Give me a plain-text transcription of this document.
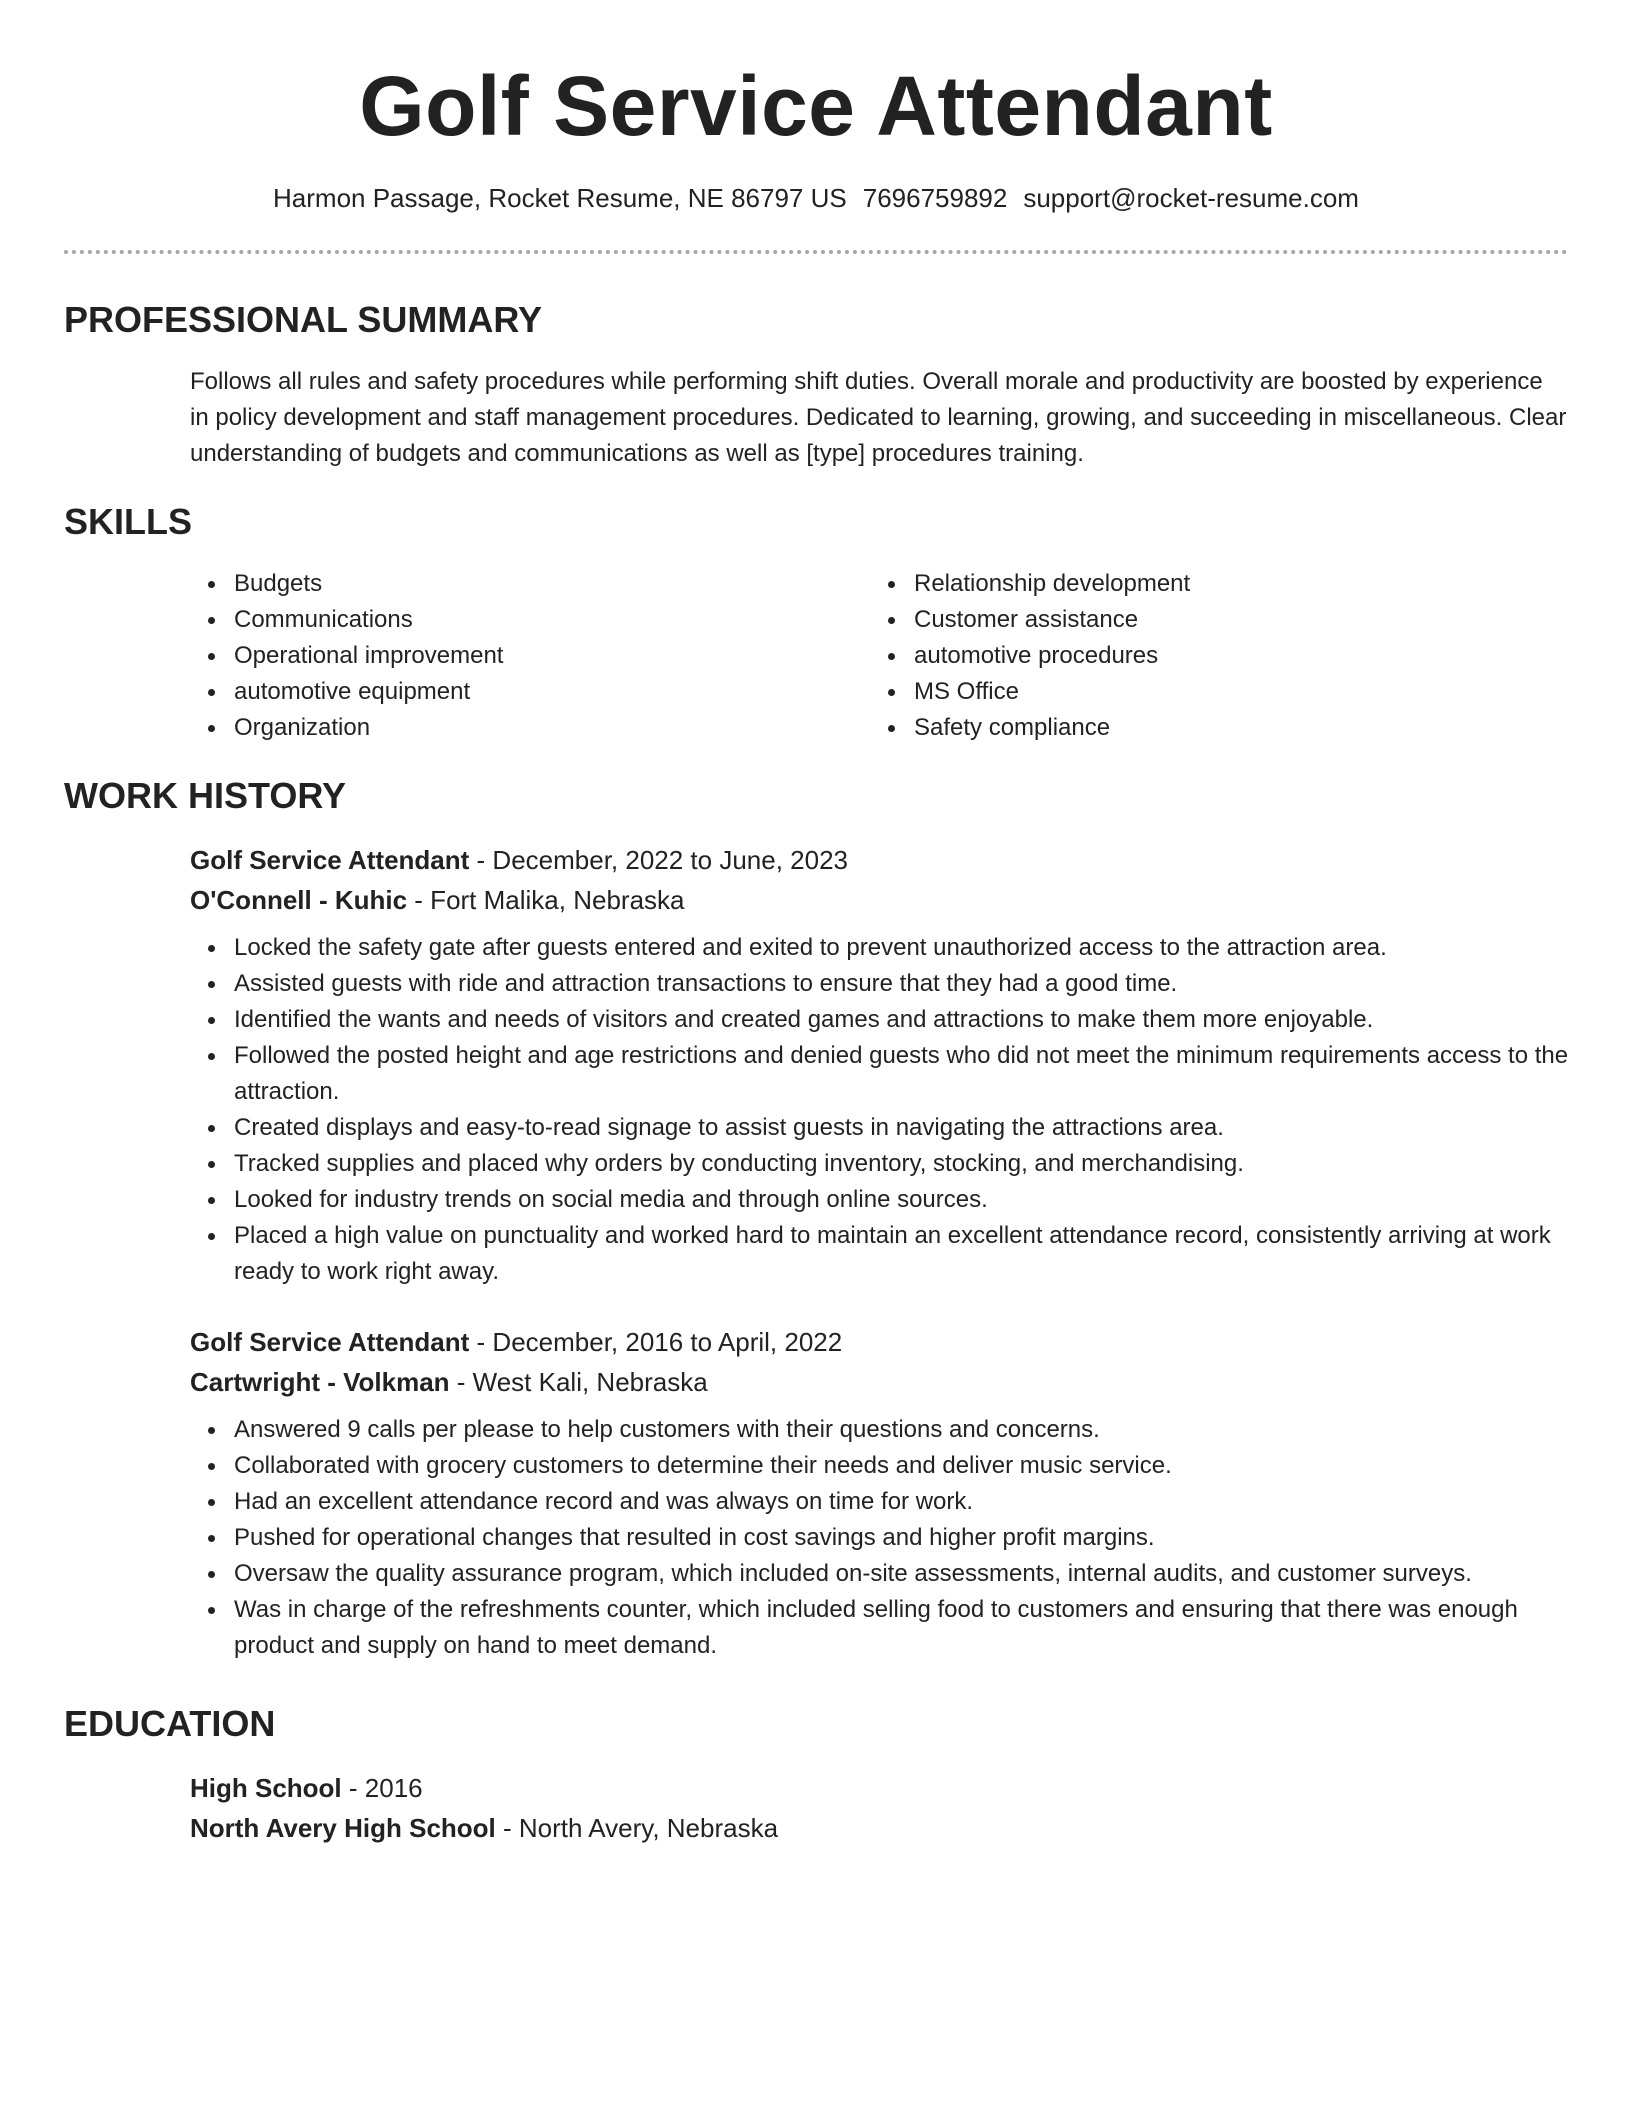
Golf Service Attendant
Harmon Passage, Rocket Resume, NE 86797 US 7696759892 support@rocket-resume.com
PROFESSIONAL SUMMARY

Follows all rules and safety procedures while performing shift duties. Overall morale and productivity are boosted by experience in policy development and staff management procedures. Dedicated to learning, growing, and succeeding in miscellaneous. Clear understanding of budgets and communications as well as [type] procedures training.

SKILLS
Budgets
Communications
Operational improvement
automotive equipment
Organization
Relationship development
Customer assistance
automotive procedures
MS Office
Safety compliance
WORK HISTORY
Golf Service Attendant - December, 2022 to June, 2023
O'Connell - Kuhic - Fort Malika, Nebraska
Locked the safety gate after guests entered and exited to prevent unauthorized access to the attraction area.
Assisted guests with ride and attraction transactions to ensure that they had a good time.
Identified the wants and needs of visitors and created games and attractions to make them more enjoyable.
Followed the posted height and age restrictions and denied guests who did not meet the minimum requirements access to the attraction.
Created displays and easy-to-read signage to assist guests in navigating the attractions area.
Tracked supplies and placed why orders by conducting inventory, stocking, and merchandising.
Looked for industry trends on social media and through online sources.
Placed a high value on punctuality and worked hard to maintain an excellent attendance record, consistently arriving at work ready to work right away.
Golf Service Attendant - December, 2016 to April, 2022
Cartwright - Volkman - West Kali, Nebraska
Answered 9 calls per please to help customers with their questions and concerns.
Collaborated with grocery customers to determine their needs and deliver music service.
Had an excellent attendance record and was always on time for work.
Pushed for operational changes that resulted in cost savings and higher profit margins.
Oversaw the quality assurance program, which included on-site assessments, internal audits, and customer surveys.
Was in charge of the refreshments counter, which included selling food to customers and ensuring that there was enough product and supply on hand to meet demand.
EDUCATION
High School - 2016
North Avery High School - North Avery, Nebraska
